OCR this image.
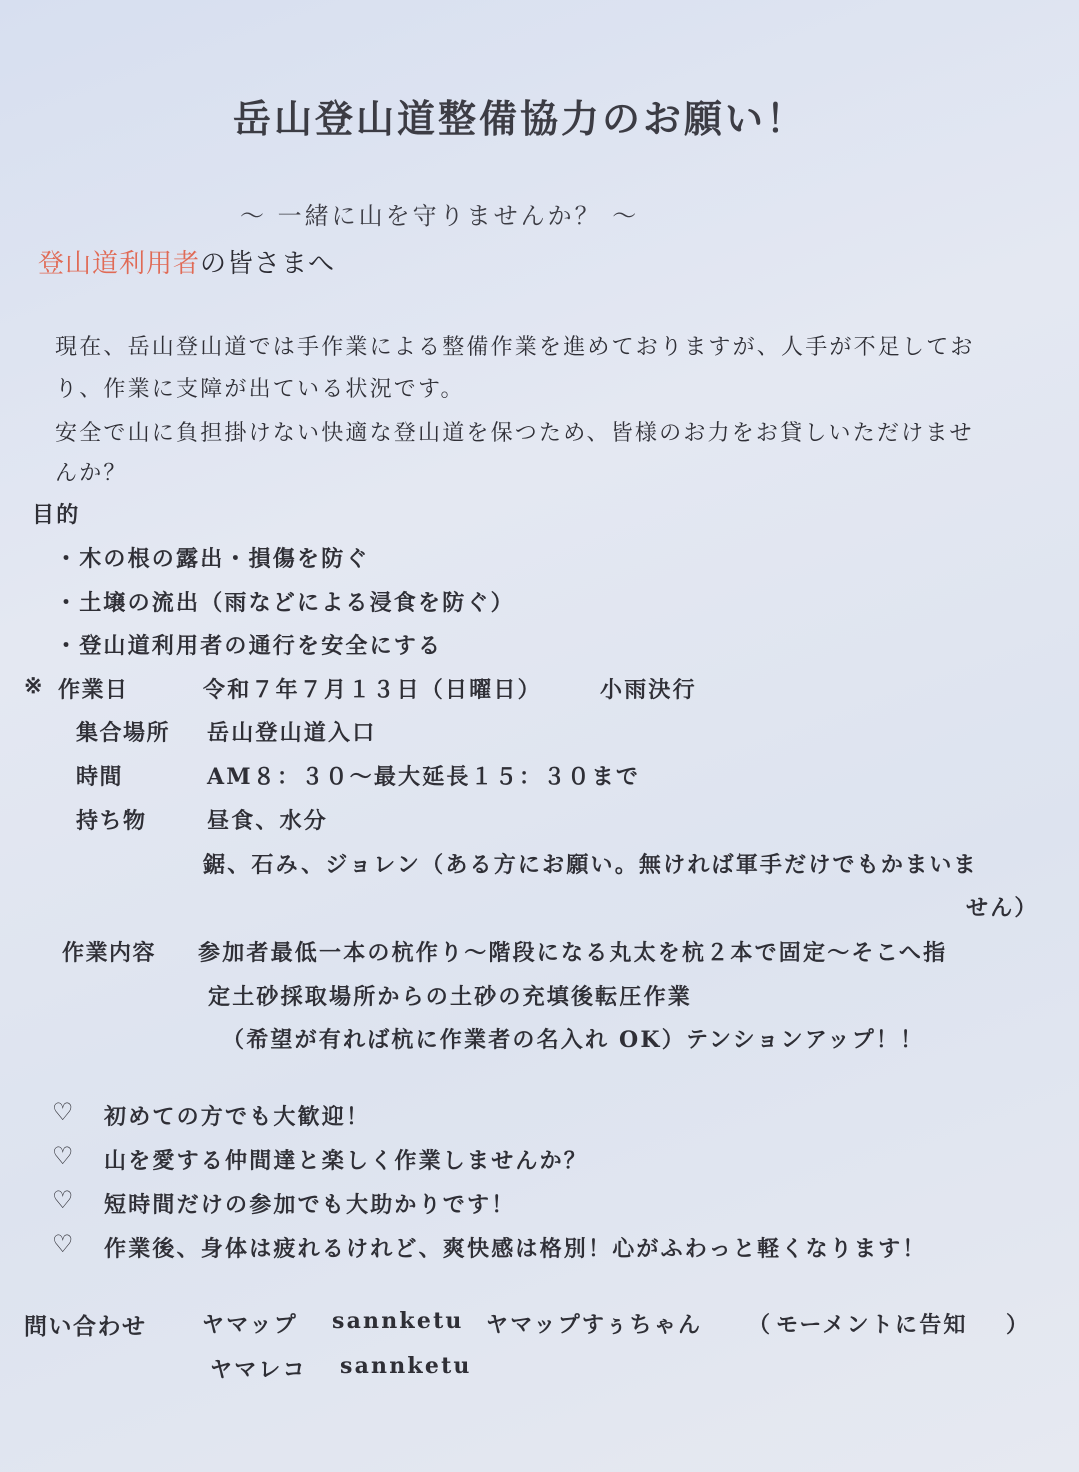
岳山登山道整備協力のお願い！
～ 一緒に山を守りませんか？ ～
登山道利用者の皆さまへ
現在、岳山登山道では手作業による整備作業を進めておりますが、人手が不足してお
り、作業に支障が出ている状況です。
安全で山に負担掛けない快適な登山道を保つため、皆様のお力をお貸しいただけませ
んか？
目的
・木の根の露出・損傷を防ぐ
・土壌の流出（雨などによる浸食を防ぐ）
・登山道利用者の通行を安全にする
※ 作業日	令和７年７月１３日（日曜日）	小雨決行
集合場所 岳山登山道入口
時間	AM８：３０～最大延長１５：３０まで
持ち物	昼食、水分
鋸、石み、ジョレン（ある方にお願い。無ければ軍手だけでもかまいま
せん）
作業内容 参加者最低一本の杭作り～階段になる丸太を杭２本で固定～そこへ指
定土砂採取場所からの土砂の充填後転圧作業
（希望が有れば杭に作業者の名入れ OK）テンションアップ！！
♡ 初めての方でも大歓迎！
♡ 山を愛する仲間達と楽しく作業しませんか？
♡ 短時間だけの参加でも大助かりです！
♡ 作業後、身体は疲れるけれど、爽快感は格別！心がふわっと軽くなります！
問い合わせ	ヤマップ sannketu ヤマップすぅちゃん （ モーメントに告知 ）
ヤマレコ sannketu
